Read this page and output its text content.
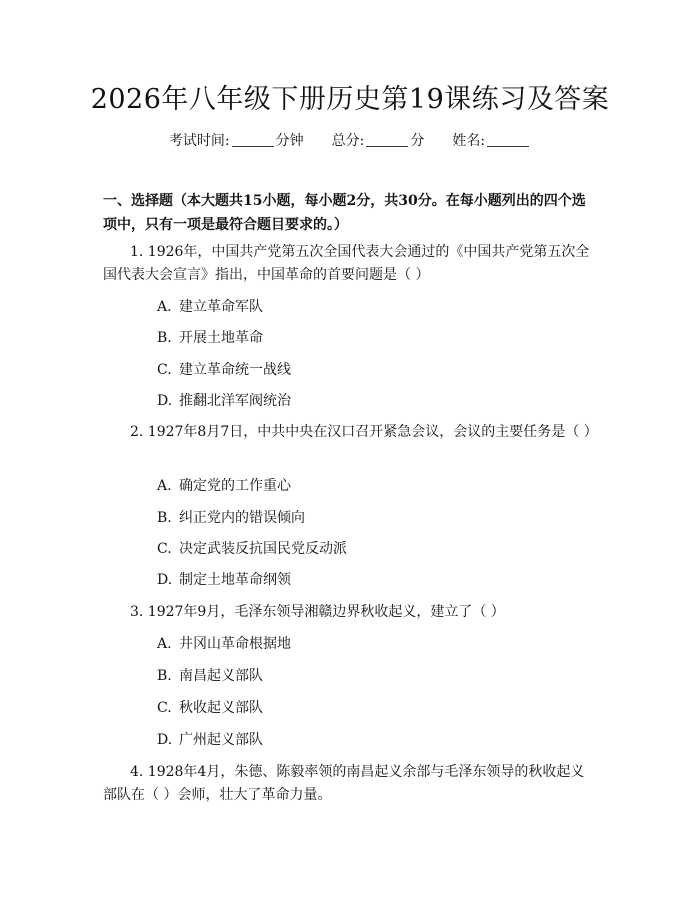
2026年八年级下册历史第19课练习及答案
考试时间:	分钟 总分:	分 姓名:
一、选择题（本大题共15小题，每小题2分，共30分。在每小题列出的四个选项中，只有一项是最符合题目要求的。）
1. 1926年，中国共产党第五次全国代表大会通过的《中国共产党第五次全国代表大会宣言》指出，中国革命的首要问题是（ ）
A. 建立革命军队
B. 开展土地革命
C. 建立革命统一战线
D. 推翻北洋军阀统治
2. 1927年8月7日，中共中央在汉口召开紧急会议，会议的主要任务是（ ）
A. 确定党的工作重心
B. 纠正党内的错误倾向
C. 决定武装反抗国民党反动派
D. 制定土地革命纲领
3. 1927年9月，毛泽东领导湘赣边界秋收起义，建立了（ ）
A. 井冈山革命根据地
B. 南昌起义部队
C. 秋收起义部队
D. 广州起义部队
4. 1928年4月，朱德、陈毅率领的南昌起义余部与毛泽东领导的秋收起义部队在（ ）会师，壮大了革命力量。
